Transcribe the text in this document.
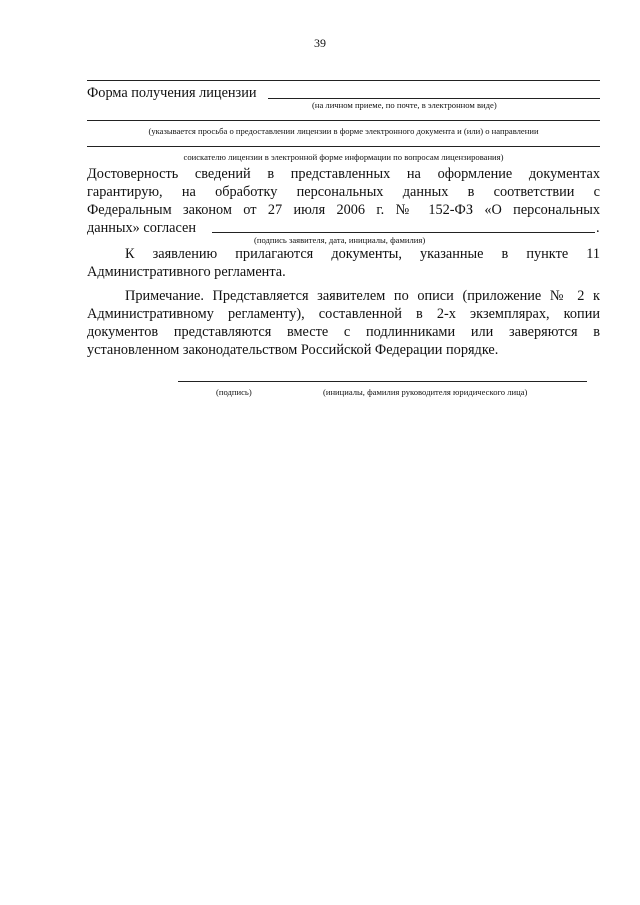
39
Форма получения лицензии
(на личном приеме, по почте, в электронном виде)
(указывается просьба о предоставлении лицензии в форме электронного документа и (или) о направлении
соискателю лицензии в электронной форме информации по вопросам лицензирования)
Достоверность сведений в представленных на оформление документах
гарантирую, на обработку персональных данных в соответствии с
Федеральным законом от 27 июля 2006 г. № 152-ФЗ «О персональных
данных» согласен	.
(подпись заявителя, дата, инициалы, фамилия)
К заявлению прилагаются документы, указанные в пункте 11
Административного регламента.
Примечание. Представляется заявителем по описи (приложение № 2 к
Административному регламенту), составленной в 2-х экземплярах, копии
документов представляются вместе с подлинниками или заверяются в
установленном законодательством Российской Федерации порядке.
(подпись)	(инициалы, фамилия руководителя юридического лица)
